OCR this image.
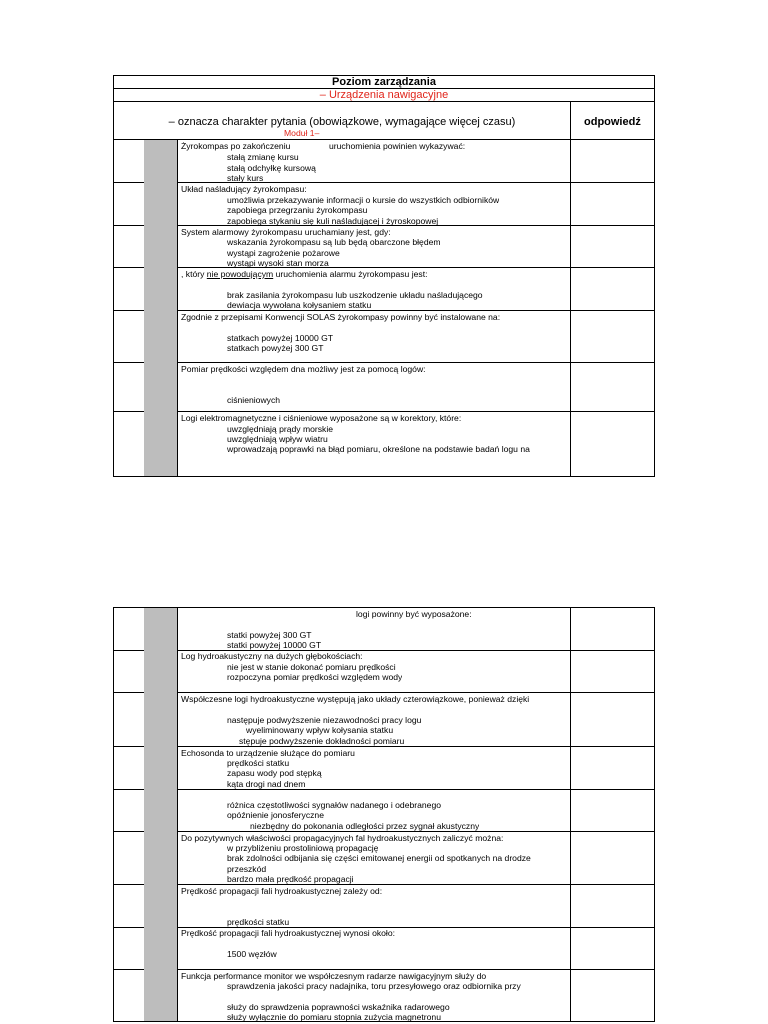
Poziom zarządzania
– Urządzenia nawigacyjne
– oznacza charakter pytania (obowiązkowe, wymagające więcej czasu)	odpowiedź
Moduł 1–
Żyrokompas po zakończeniu	uruchomienia powinien wykazywać:
stałą zmianę kursu
stałą odchyłkę kursową
stały kurs
Układ naśladujący żyrokompasu:
umożliwia przekazywanie informacji o kursie do wszystkich odbiorników
zapobiega przegrzaniu żyrokompasu
zapobiega stykaniu się kuli naśladującej i żyroskopowej
System alarmowy żyrokompasu uruchamiany jest, gdy:
wskazania żyrokompasu są lub będą obarczone błędem
wystąpi zagrożenie pożarowe
wystąpi wysoki stan morza
, który nie powodującym uruchomienia alarmu żyrokompasu jest:
brak zasilania żyrokompasu lub uszkodzenie układu naśladującego
dewiacja wywołana kołysaniem statku
Zgodnie z przepisami Konwencji SOLAS żyrokompasy powinny być instalowane na:
statkach powyżej 10000 GT
statkach powyżej 300 GT
Pomiar prędkości względem dna możliwy jest za pomocą logów:
ciśnieniowych
Logi elektromagnetyczne i ciśnieniowe wyposażone są w korektory, które:
uwzględniają prądy morskie
uwzględniają wpływ wiatru
wprowadzają poprawki na błąd pomiaru, określone na podstawie badań logu na
logi powinny być wyposażone:
statki powyżej 300 GT
statki powyżej 10000 GT
Log hydroakustyczny na dużych głębokościach:
nie jest w stanie dokonać pomiaru prędkości
rozpoczyna pomiar prędkości względem wody
Współczesne logi hydroakustyczne występują jako układy czterowiązkowe, ponieważ dzięki
następuje podwyższenie niezawodności pracy logu
wyeliminowany wpływ kołysania statku
stępuje podwyższenie dokładności pomiaru
Echosonda to urządzenie służące do pomiaru
prędkości statku
zapasu wody pod stępką
kąta drogi nad dnem
różnica częstotliwości sygnałów nadanego i odebranego
opóźnienie jonosferyczne
niezbędny do pokonania odległości przez sygnał akustyczny
Do pozytywnych właściwości propagacyjnych fal hydroakustycznych zaliczyć można:
w przybliżeniu prostoliniową propagację
brak zdolności odbijania się części emitowanej energii od spotkanych na drodze
przeszkód
bardzo mała prędkość propagacji
Prędkość propagacji fali hydroakustycznej zależy od:
prędkości statku
Prędkość propagacji fali hydroakustycznej wynosi około:
1500 węzłów
Funkcja performance monitor we współczesnym radarze nawigacyjnym służy do
sprawdzenia jakości pracy nadajnika, toru przesyłowego oraz odbiornika przy
służy do sprawdzenia poprawności wskaźnika radarowego
służy wyłącznie do pomiaru stopnia zużycia magnetronu
